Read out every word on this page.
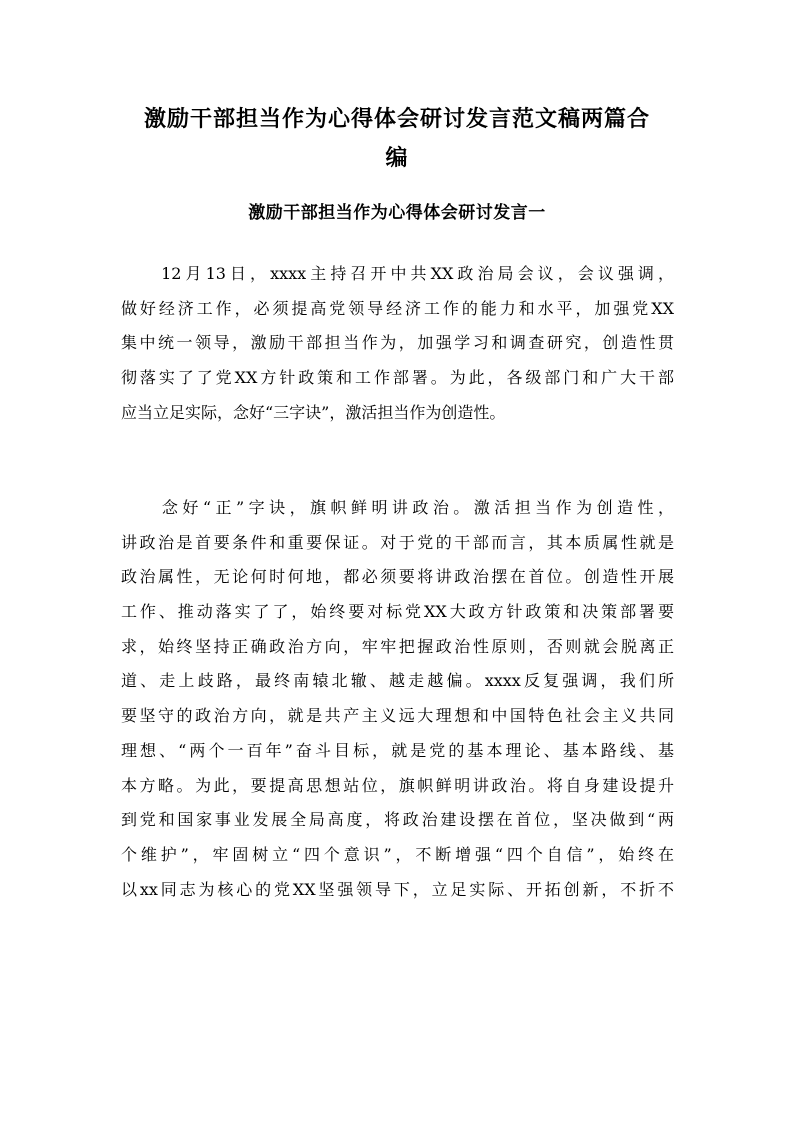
激励干部担当作为心得体会研讨发言范文稿两篇合
编
激励干部担当作为心得体会研讨发言一
　　12月13日，xxxx主持召开中共XX政治局会议，会议强调，
做好经济工作，必须提高党领导经济工作的能力和水平，加强党XX
集中统一领导，激励干部担当作为，加强学习和调查研究，创造性贯
彻落实了了党XX方针政策和工作部署。为此，各级部门和广大干部
应当立足实际，念好“三字诀”，激活担当作为创造性。
　　念好“正”字诀，旗帜鲜明讲政治。激活担当作为创造性，
讲政治是首要条件和重要保证。对于党的干部而言，其本质属性就是
政治属性，无论何时何地，都必须要将讲政治摆在首位。创造性开展
工作、推动落实了了，始终要对标党XX大政方针政策和决策部署要
求，始终坚持正确政治方向，牢牢把握政治性原则，否则就会脱离正
道、走上歧路，最终南辕北辙、越走越偏。xxxx反复强调，我们所
要坚守的政治方向，就是共产主义远大理想和中国特色社会主义共同
理想、“两个一百年”奋斗目标，就是党的基本理论、基本路线、基
本方略。为此，要提高思想站位，旗帜鲜明讲政治。将自身建设提升
到党和国家事业发展全局高度，将政治建设摆在首位，坚决做到“两
个维护”，牢固树立“四个意识”，不断增强“四个自信”，始终在
以xx同志为核心的党XX坚强领导下，立足实际、开拓创新，不折不
